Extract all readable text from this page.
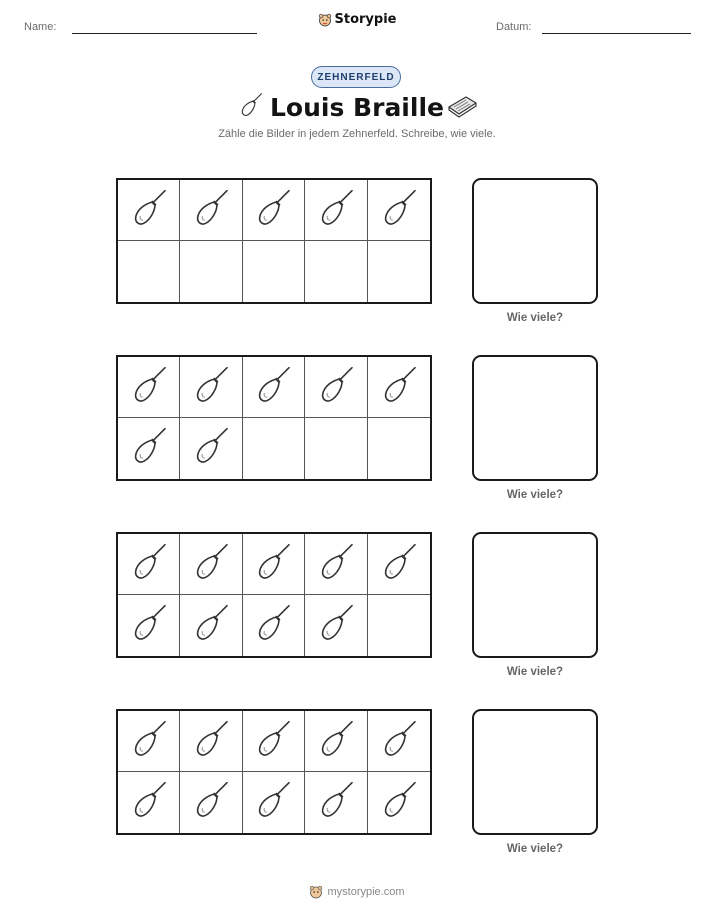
Name:	Datum:
Storypie
ZEHNERFELD
Louis Braille
Zähle die Bilder in jedem Zehnerfeld. Schreibe, wie viele.
Wie viele?
Wie viele?
Wie viele?
Wie viele?
mystorypie.com
